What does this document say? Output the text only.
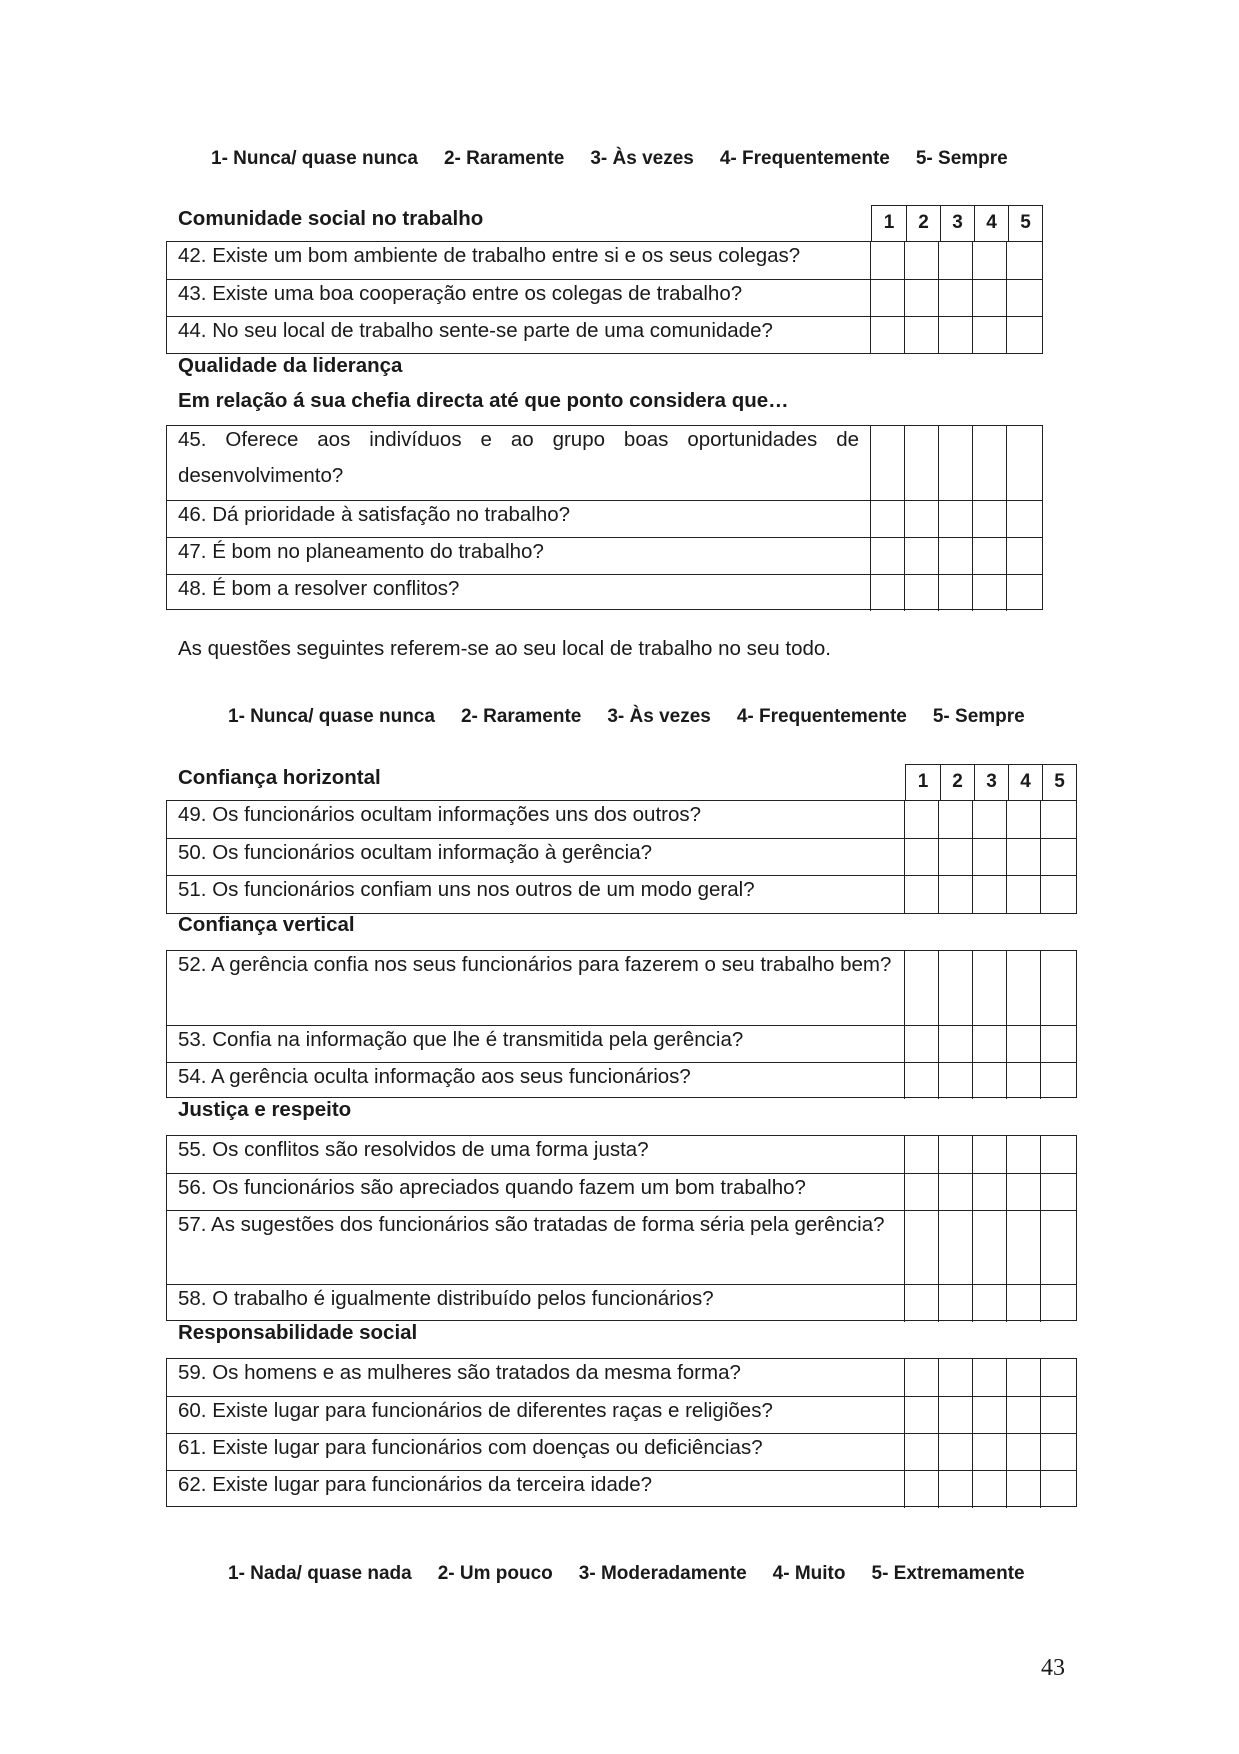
1- Nunca/ quase nunca 2- Raramente 3- Às vezes 4- Frequentemente 5- Sempre
Comunidade social no trabalho	1	2	3	4	5
42. Existe um bom ambiente de trabalho entre si e os seus colegas?
43. Existe uma boa cooperação entre os colegas de trabalho?
44. No seu local de trabalho sente-se parte de uma comunidade?
Qualidade da liderança
Em relação á sua chefia directa até que ponto considera que…
45. Oferece aos indivíduos e ao grupo boas oportunidades de desenvolvimento?
46. Dá prioridade à satisfação no trabalho?
47. É bom no planeamento do trabalho?
48. É bom a resolver conflitos?
As questões seguintes referem-se ao seu local de trabalho no seu todo.
1- Nunca/ quase nunca 2- Raramente 3- Às vezes 4- Frequentemente 5- Sempre
Confiança horizontal	1	2	3	4	5
49. Os funcionários ocultam informações uns dos outros?
50. Os funcionários ocultam informação à gerência?
51. Os funcionários confiam uns nos outros de um modo geral?
Confiança vertical
52. A gerência confia nos seus funcionários para fazerem o seu trabalho bem?
53. Confia na informação que lhe é transmitida pela gerência?
54. A gerência oculta informação aos seus funcionários?
Justiça e respeito
55. Os conflitos são resolvidos de uma forma justa?
56. Os funcionários são apreciados quando fazem um bom trabalho?
57. As sugestões dos funcionários são tratadas de forma séria pela gerência?
58. O trabalho é igualmente distribuído pelos funcionários?
Responsabilidade social
59. Os homens e as mulheres são tratados da mesma forma?
60. Existe lugar para funcionários de diferentes raças e religiões?
61. Existe lugar para funcionários com doenças ou deficiências?
62. Existe lugar para funcionários da terceira idade?
1- Nada/ quase nada 2- Um pouco 3- Moderadamente 4- Muito 5- Extremamente
43
